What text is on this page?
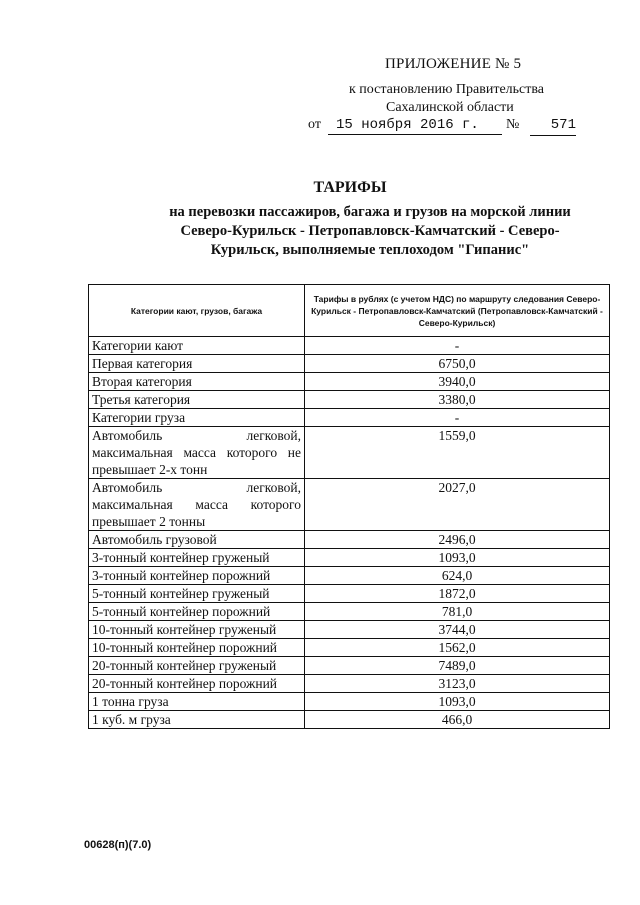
ПРИЛОЖЕНИЕ № 5
к постановлению Правительства
Сахалинской области
от	15 ноября 2016 г.	№	571
ТАРИФЫ
на перевозки пассажиров, багажа и грузов на морской линии Северо-Курильск - Петропавловск-Камчатский - Северо-Курильск, выполняемые теплоходом "Гипанис"
Категории кают, грузов, багажа	Тарифы в рублях (с учетом НДС) по маршруту следования Северо-Курильск - Петропавловск-Камчатский (Петропавловск-Камчатский - Северо-Курильск)
Категории кают	-
Первая категория	6750,0
Вторая категория	3940,0
Третья категория	3380,0
Категории груза	-
Автомобиль легковой, максимальная масса которого не превышает 2-х тонн	1559,0
Автомобиль легковой, максимальная масса которого превышает 2 тонны	2027,0
Автомобиль грузовой	2496,0
3-тонный контейнер груженый	1093,0
3-тонный контейнер порожний	624,0
5-тонный контейнер груженый	1872,0
5-тонный контейнер порожний	781,0
10-тонный контейнер груженый	3744,0
10-тонный контейнер порожний	1562,0
20-тонный контейнер груженый	7489,0
20-тонный контейнер порожний	3123,0
1 тонна груза	1093,0
1 куб. м груза	466,0
00628(п)(7.0)
